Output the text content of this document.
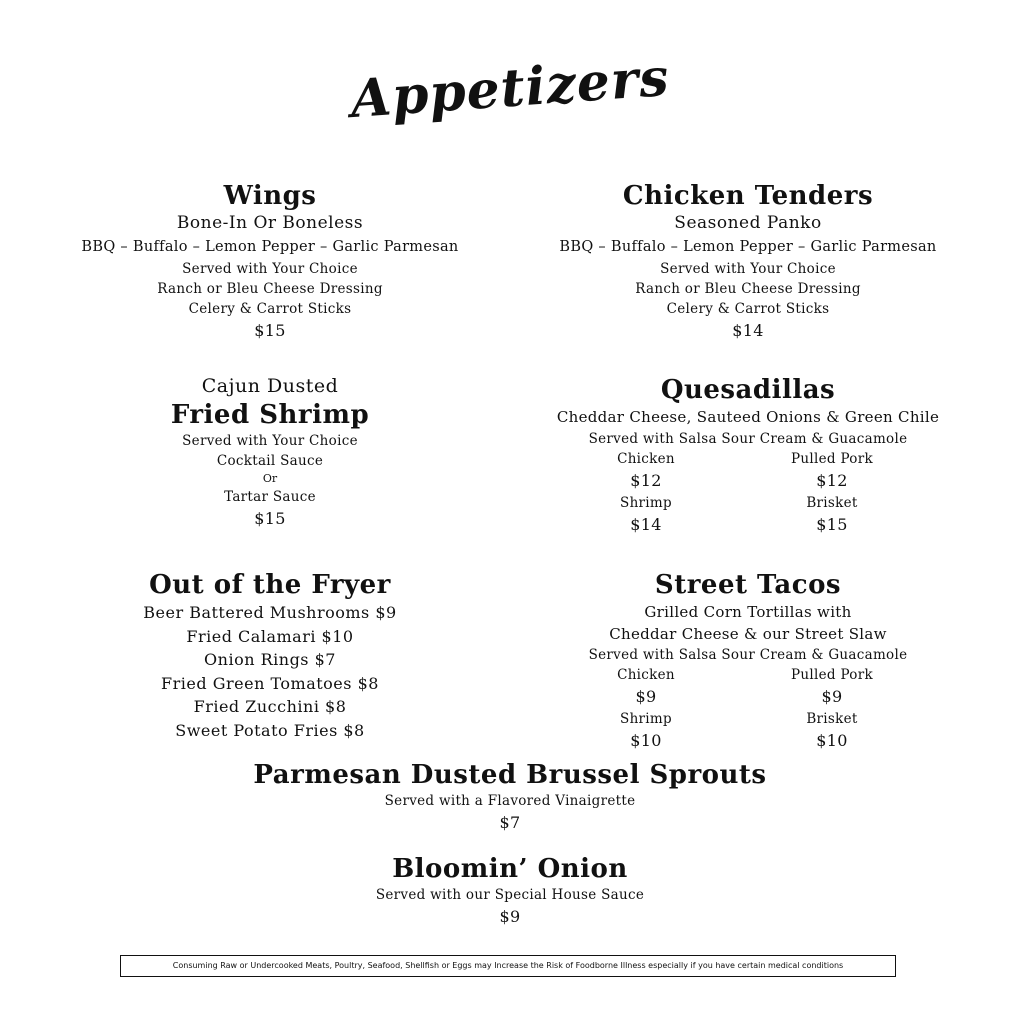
Appetizers
Wings
Bone-In Or Boneless
BBQ – Buffalo – Lemon Pepper – Garlic Parmesan
Served with Your Choice
Ranch or Bleu Cheese Dressing
Celery & Carrot Sticks
$15
Chicken Tenders
Seasoned Panko
BBQ – Buffalo – Lemon Pepper – Garlic Parmesan
Served with Your Choice
Ranch or Bleu Cheese Dressing
Celery & Carrot Sticks
$14
Cajun Dusted
Fried Shrimp
Served with Your Choice
Cocktail Sauce
Or
Tartar Sauce
$15
Quesadillas
Cheddar Cheese, Sauteed Onions & Green Chile
Served with Salsa Sour Cream & Guacamole
Chicken
$12
Pulled Pork
$12
Shrimp
$14
Brisket
$15
Out of the Fryer
Beer Battered Mushrooms $9
Fried Calamari $10
Onion Rings $7
Fried Green Tomatoes $8
Fried Zucchini $8
Sweet Potato Fries $8
Street Tacos
Grilled Corn Tortillas with
Cheddar Cheese & our Street Slaw
Served with Salsa Sour Cream & Guacamole
Chicken
$9
Pulled Pork
$9
Shrimp
$10
Brisket
$10
Parmesan Dusted Brussel Sprouts
Served with a Flavored Vinaigrette
$7
Bloomin’ Onion
Served with our Special House Sauce
$9
Consuming Raw or Undercooked Meats, Poultry, Seafood, Shellfish or Eggs may Increase the Risk of Foodborne Illness especially if you have certain medical conditions
